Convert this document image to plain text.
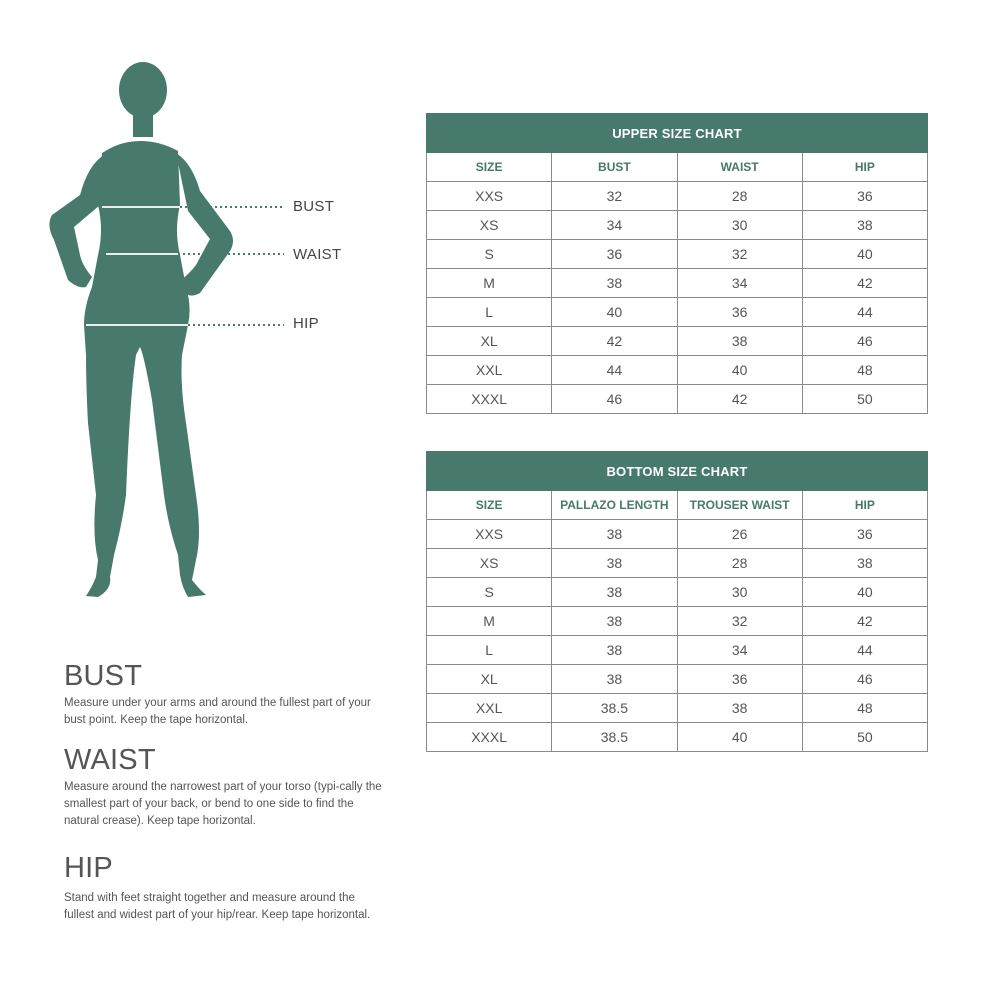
BUST
WAIST
HIP
BUST

Measure under your arms and around the fullest part of your bust point. Keep the tape horizontal.

WAIST

Measure around the narrowest part of your torso (typi-cally the smallest part of your back, or bend to one side to find the natural crease). Keep tape horizontal.

HIP

Stand with feet straight together and measure around the fullest and widest part of your hip/rear. Keep tape horizontal.

UPPER SIZE CHART			
SIZE	BUST	WAIST	HIP
XXS	32	28	36
XS	34	30	38
S	36	32	40
M	38	34	42
L	40	36	44
XL	42	38	46
XXL	44	40	48
XXXL	46	42	50
BOTTOM SIZE CHART			
SIZE	PALLAZO LENGTH	TROUSER WAIST	HIP
XXS	38	26	36
XS	38	28	38
S	38	30	40
M	38	32	42
L	38	34	44
XL	38	36	46
XXL	38.5	38	48
XXXL	38.5	40	50
